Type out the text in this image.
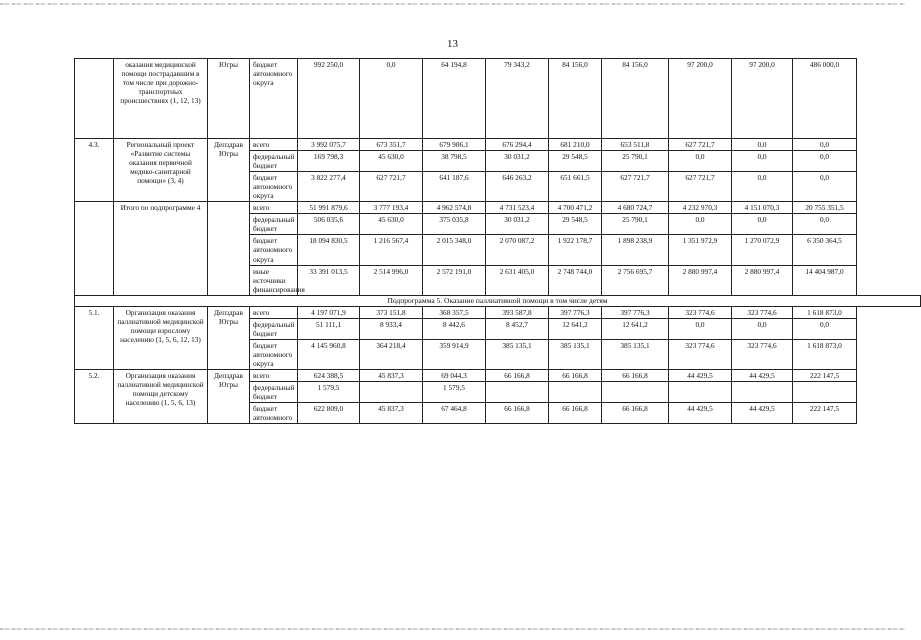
13
	оказания медицинской помощи пострадавшим в том числе при дорожно-транспортных происшествиях (1, 12, 13)	Югры	бюджет автономного округа	992 250,0	0,0	64 194,8	79 343,2	84 156,0	84 156,0	97 200,0	97 200,0	486 000,0
4.3.	Региональный проект «Развитие системы оказания первичной медико-санитарной помощи» (3, 4)	Депздрав Югры	всего	3 992 075,7	673 351,7	679 986,1	676 294,4	681 210,0	653 511,8	627 721,7	0,0	0,0
			федеральный бюджет	169 798,3	45 630,0	38 798,5	30 031,2	29 548,5	25 790,1	0,0	0,0	0,0
			бюджет автономного округа	3 822 277,4	627 721,7	641 187,6	646 263,2	651 661,5	627 721,7	627 721,7	0,0	0,0
	Итого по подпрограмме 4		всего	51 991 879,6	3 777 193,4	4 962 574,8	4 731 523,4	4 700 471,2	4 680 724,7	4 232 970,3	4 151 070,3	20 755 351,5
			федеральный бюджет	506 035,6	45 630,0	375 035,8	30 031,2	29 548,5	25 790,1	0,0	0,0	0,0
			бюджет автономного округа	18 094 830,5	1 216 567,4	2 015 348,0	2 070 087,2	1 922 178,7	1 898 238,9	1 351 972,9	1 270 072,9	6 350 364,5
			иные источники финансирования	33 391 013,5	2 514 996,0	2 572 191,0	2 631 405,0	2 748 744,0	2 756 695,7	2 880 997,4	2 880 997,4	14 404 987,0
Подпрограмма 5. Оказание паллиативной помощи в том числе детям												
5.1.	Организация оказания паллиативной медицинской помощи взрослому населению (1, 5, 6, 12, 13)	Депздрав Югры	всего	4 197 071,9	373 151,8	368 357,5	393 587,8	397 776,3	397 776,3	323 774,6	323 774,6	1 618 873,0
			федеральный бюджет	51 111,1	8 933,4	8 442,6	8 452,7	12 641,2	12 641,2	0,0	0,0	0,0
			бюджет автономного округа	4 145 960,8	364 218,4	359 914,9	385 135,1	385 135,1	385 135,1	323 774,6	323 774,6	1 618 873,0
5.2.	Организация оказания паллиативной медицинской помощи детскому населению (1, 5, 6, 13)	Депздрав Югры	всего	624 388,5	45 837,3	69 044,3	66 166,8	66 166,8	66 166,8	44 429,5	44 429,5	222 147,5
			федеральный бюджет	1 579,5		1 579,5						
			бюджет автономного	622 809,0	45 837,3	67 464,8	66 166,8	66 166,8	66 166,8	44 429,5	44 429,5	222 147,5
